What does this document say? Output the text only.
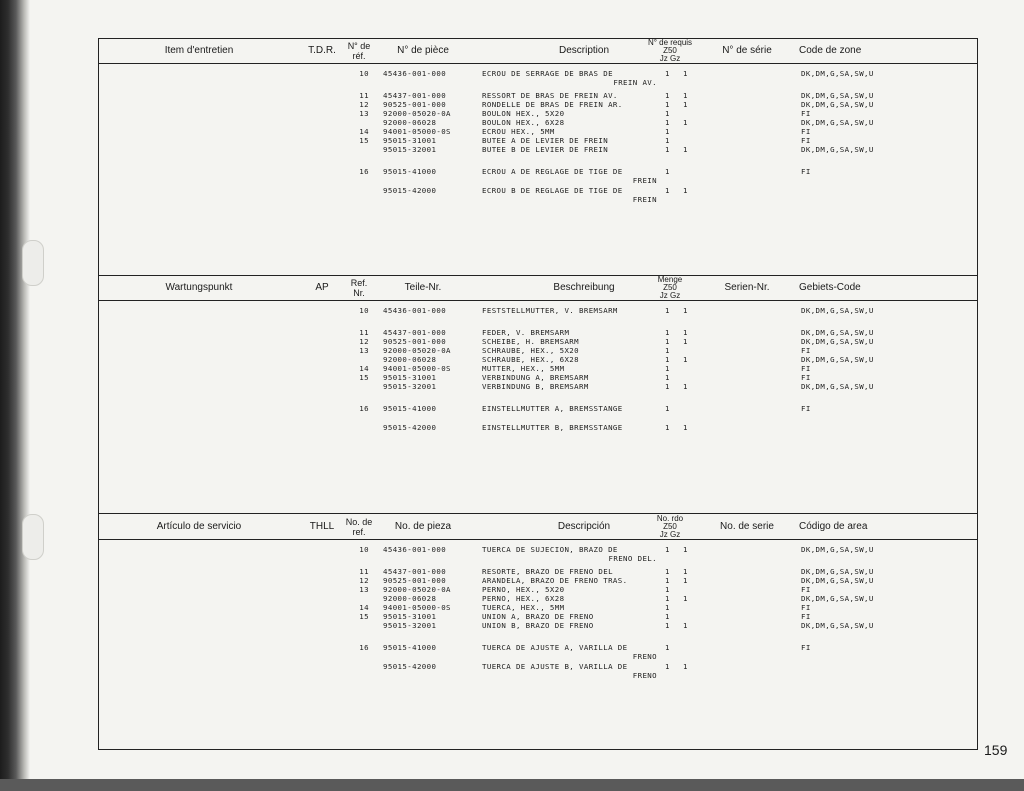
Item d'entretien	T.D.R.	N° de réf.	N° de pièce	Description
N° de requis
Z50
Jz Gz
N° de série	Code de zone
10 45436-001-000	ECROU DE SERRAGE DE BRAS DE	1 1	DK,DM,G,SA,SW,U
FREIN AV.
11 45437-001-000	RESSORT DE BRAS DE FREIN AV.	1 1	DK,DM,G,SA,SW,U
12 90525-001-000	RONDELLE DE BRAS DE FREIN AR.	1 1	DK,DM,G,SA,SW,U
13 92000-05020-0A	BOULON HEX., 5X20	1	FI
92000-06028	BOULON HEX., 6X28	1 1	DK,DM,G,SA,SW,U
14 94001-05000-0S	ECROU HEX., 5MM	1	FI
15 95015-31001	BUTEE A DE LEVIER DE FREIN	1	FI
95015-32001	BUTEE B DE LEVIER DE FREIN	1 1	DK,DM,G,SA,SW,U
16 95015-41000	ECROU A DE REGLAGE DE TIGE DE	1	FI
FREIN
95015-42000	ECROU B DE REGLAGE DE TIGE DE	1 1
FREIN
Wartungspunkt	AP	Ref. Nr.	Teile-Nr.	Beschreibung
Menge
Z50
Jz Gz
Serien-Nr.	Gebiets-Code
10 45436-001-000	FESTSTELLMUTTER, V. BREMSARM	1 1	DK,DM,G,SA,SW,U
11 45437-001-000	FEDER, V. BREMSARM	1 1	DK,DM,G,SA,SW,U
12 90525-001-000	SCHEIBE, H. BREMSARM	1 1	DK,DM,G,SA,SW,U
13 92000-05020-0A	SCHRAUBE, HEX., 5X20	1	FI
92000-06028	SCHRAUBE, HEX., 6X28	1 1	DK,DM,G,SA,SW,U
14 94001-05000-0S	MUTTER, HEX., 5MM	1	FI
15 95015-31001	VERBINDUNG A, BREMSARM	1	FI
95015-32001	VERBINDUNG B, BREMSARM	1 1	DK,DM,G,SA,SW,U
16 95015-41000	EINSTELLMUTTER A, BREMSSTANGE	1	FI
95015-42000	EINSTELLMUTTER B, BREMSSTANGE	1 1
Artículo de servicio	THLL	No. de ref.	No. de pieza	Descripción
No. rdo
Z50
Jz Gz
No. de serie	Código de area
10 45436-001-000	TUERCA DE SUJECION, BRAZO DE	1 1	DK,DM,G,SA,SW,U
FRENO DEL.
11 45437-001-000	RESORTE, BRAZO DE FRENO DEL	1 1	DK,DM,G,SA,SW,U
12 90525-001-000	ARANDELA, BRAZO DE FRENO TRAS.	1 1	DK,DM,G,SA,SW,U
13 92000-05020-0A	PERNO, HEX., 5X20	1	FI
92000-06028	PERNO, HEX., 6X28	1 1	DK,DM,G,SA,SW,U
14 94001-05000-0S	TUERCA, HEX., 5MM	1	FI
15 95015-31001	UNION A, BRAZO DE FRENO	1	FI
95015-32001	UNION B, BRAZO DE FRENO	1 1	DK,DM,G,SA,SW,U
16 95015-41000	TUERCA DE AJUSTE A, VARILLA DE	1	FI
FRENO
95015-42000	TUERCA DE AJUSTE B, VARILLA DE	1 1
FRENO
159
